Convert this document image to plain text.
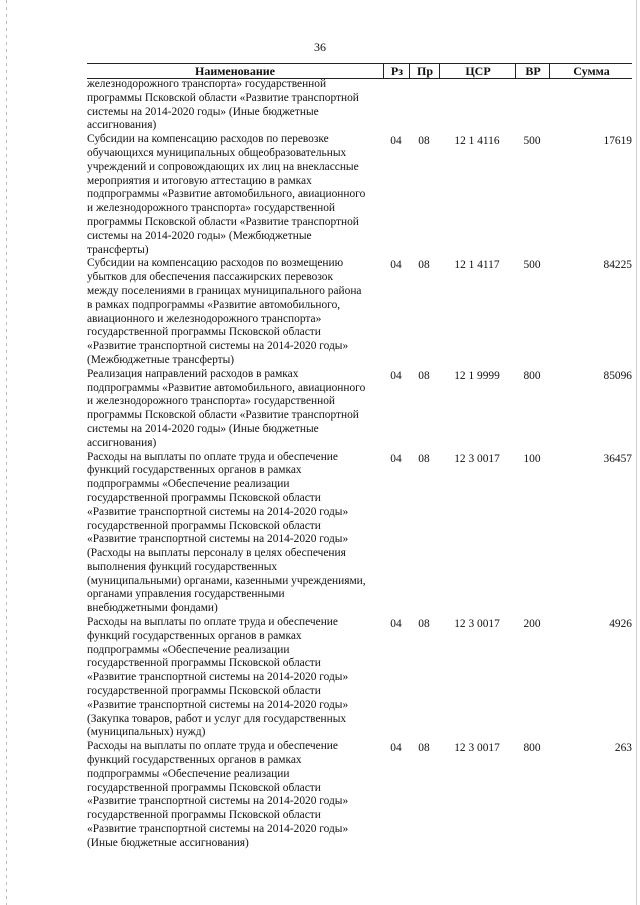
36
Наименование	Рз	Пр	ЦСР	ВР	Сумма
железнодорожного транспорта» государственной
программы Псковской области «Развитие транспортной
системы на 2014-2020 годы» (Иные бюджетные
ассигнования)
Субсидии на компенсацию расходов по перевозке
обучающихся муниципальных общеобразовательных
учреждений и сопровождающих их лиц на внеклассные
мероприятия и итоговую аттестацию в рамках
подпрограммы «Развитие автомобильного, авиационного
и железнодорожного транспорта» государственной
программы Псковской области «Развитие транспортной
системы на 2014-2020 годы» (Межбюджетные
трансферты)
04	08	12 1 4116	500	17619
Субсидии на компенсацию расходов по возмещению
убытков для обеспечения пассажирских перевозок
между поселениями в границах муниципального района
в рамках подпрограммы «Развитие автомобильного,
авиационного и железнодорожного транспорта»
государственной программы Псковской области
«Развитие транспортной системы на 2014-2020 годы»
(Межбюджетные трансферты)
04	08	12 1 4117	500	84225
Реализация направлений расходов в рамках
подпрограммы «Развитие автомобильного, авиационного
и железнодорожного транспорта» государственной
программы Псковской области «Развитие транспортной
системы на 2014-2020 годы» (Иные бюджетные
ассигнования)
04	08	12 1 9999	800	85096
Расходы на выплаты по оплате труда и обеспечение
функций государственных органов в рамках
подпрограммы «Обеспечение реализации
государственной программы Псковской области
«Развитие транспортной системы на 2014-2020 годы»
государственной программы Псковской области
«Развитие транспортной системы на 2014-2020 годы»
(Расходы на выплаты персоналу в целях обеспечения
выполнения функций государственных
(муниципальными) органами, казенными учреждениями,
органами управления государственными
внебюджетными фондами)
04	08	12 3 0017	100	36457
Расходы на выплаты по оплате труда и обеспечение
функций государственных органов в рамках
подпрограммы «Обеспечение реализации
государственной программы Псковской области
«Развитие транспортной системы на 2014-2020 годы»
государственной программы Псковской области
«Развитие транспортной системы на 2014-2020 годы»
(Закупка товаров, работ и услуг для государственных
(муниципальных) нужд)
04	08	12 3 0017	200	4926
Расходы на выплаты по оплате труда и обеспечение
функций государственных органов в рамках
подпрограммы «Обеспечение реализации
государственной программы Псковской области
«Развитие транспортной системы на 2014-2020 годы»
государственной программы Псковской области
«Развитие транспортной системы на 2014-2020 годы»
(Иные бюджетные ассигнования)
04	08	12 3 0017	800	263
